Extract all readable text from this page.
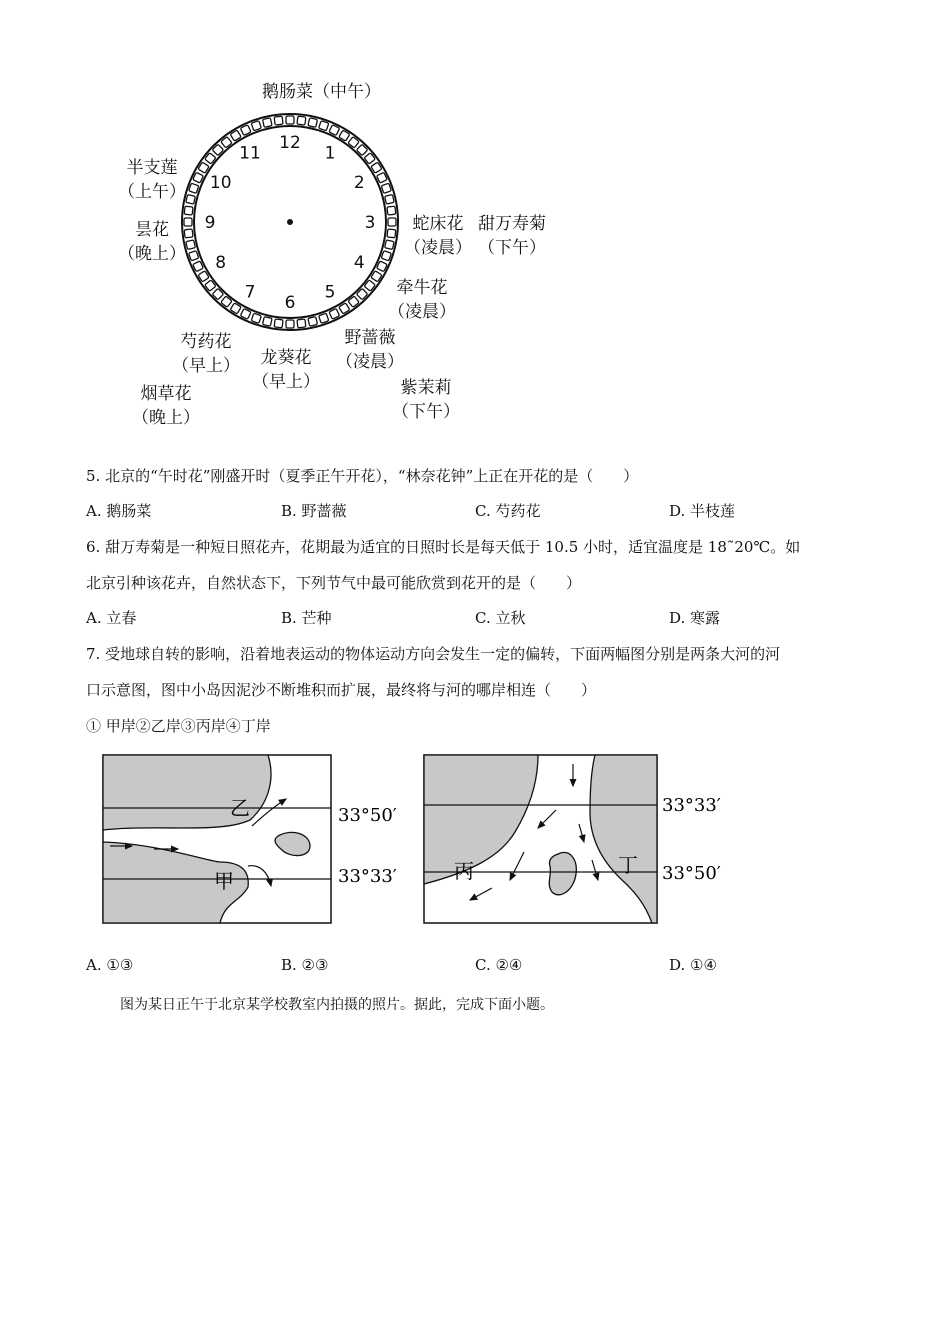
12
1
2
3
4
5
6
7
8
9
10
11
鹅肠菜（中午）
半支莲
（上午）
昙花
（晚上）
蛇床花
（凌晨）
甜万寿菊
（下午）
牵牛花
（凌晨）
野蔷薇
（凌晨）
龙葵花
（早上）
芍药花
（早上）
烟草花
（晚上）
紫茉莉
（下午）
5. 北京的“午时花”刚盛开时（夏季正午开花），“林奈花钟”上正在开花的是（　　）
A. 鹅肠菜	B. 野蔷薇	C. 芍药花	D. 半枝莲
6. 甜万寿菊是一种短日照花卉，花期最为适宜的日照时长是每天低于 10.5 小时，适宜温度是 18˜20℃。如
北京引种该花卉，自然状态下，下列节气中最可能欣赏到花开的是（　　）
A. 立春	B. 芒种	C. 立秋	D. 寒露
7. 受地球自转的影响，沿着地表运动的物体运动方向会发生一定的偏转，下面两幅图分别是两条大河的河
口示意图，图中小岛因泥沙不断堆积而扩展，最终将与河的哪岸相连（　　）
① 甲岸②乙岸③丙岸④丁岸
乙
甲
33°50′
33°33′	丙	丁
33°33′
33°50′
A. ①③	B. ②③	C. ②④	D. ①④
图为某日正午于北京某学校教室内拍摄的照片。据此，完成下面小题。
